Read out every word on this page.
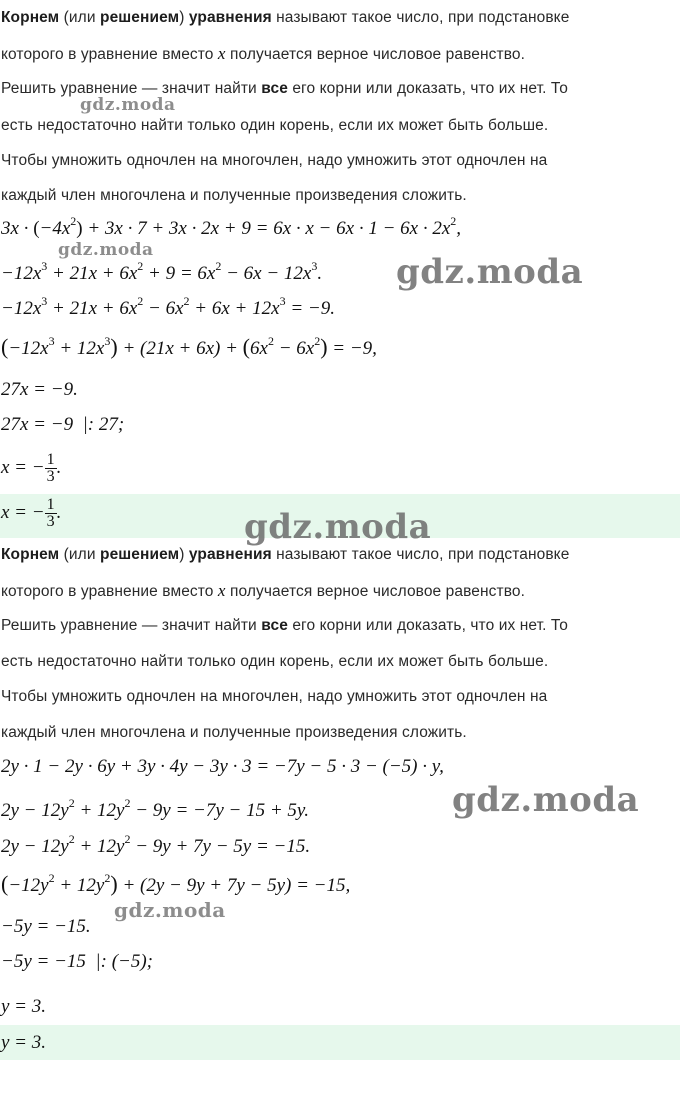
Корнем (или решением) уравнения называют такое число, при подстановке
которого в уравнение вместо x получается верное числовое равенство.
Решить уравнение — значит найти все его корни или доказать, что их нет. То
есть недостаточно найти только один корень, если их может быть больше.
Чтобы умножить одночлен на многочлен, надо умножить этот одночлен на
каждый член многочлена и полученные произведения сложить.
$3x \cdot (-4x^2) + 3x \cdot 7 + 3x \cdot 2x + 9 = 6x \cdot x - 6x \cdot 1 - 6x \cdot 2x^2$,
$-12x^3 + 21x + 6x^2 + 9 = 6x^2 - 6x - 12x^3$.
$-12x^3 + 21x + 6x^2 - 6x^2 + 6x + 12x^3 = -9$.
$(-12x^3 + 12x^3) + (21x + 6x) + (6x^2 - 6x^2) = -9$,
27x = −9.
27x = −9  |: 27;
x = − $\frac{1}{3}$ .
x = − $\frac{1}{3}$ .
Корнем (или решением) уравнения называют такое число, при подстановке
которого в уравнение вместо x получается верное числовое равенство.
Решить уравнение — значит найти все его корни или доказать, что их нет. То
есть недостаточно найти только один корень, если их может быть больше.
Чтобы умножить одночлен на многочлен, надо умножить этот одночлен на
каждый член многочлена и полученные произведения сложить.
2y · 1 − 2y · 6y + 3y · 4y − 3y · 3 = −7y − 5 · 3 − (−5) · y,
$2y - 12y^2 + 12y^2 - 9y = -7y - 15 + 5y$.
$2y - 12y^2 + 12y^2 - 9y + 7y - 5y = -15$.
$(-12y^2 + 12y^2) + (2y - 9y + 7y - 5y) = -15$,
−5y = −15.
−5y = −15  |: (−5);
y = 3.
y = 3.
gdz.moda
gdz.moda
gdz.moda
gdz.moda
gdz.moda
gdz.moda
